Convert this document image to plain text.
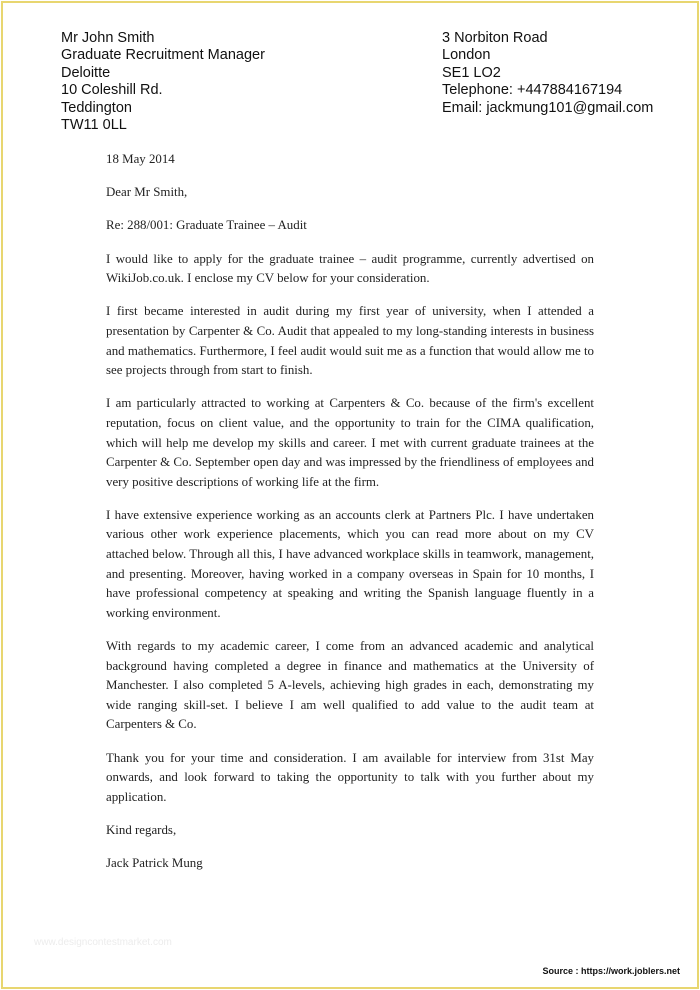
Mr John Smith
Graduate Recruitment Manager
Deloitte
10 Coleshill Rd.
Teddington
TW11 0LL
3 Norbiton Road
London
SE1 LO2
Telephone: +447884167194
Email: jackmung101@gmail.com

18 May 2014

Dear Mr Smith,

Re: 288/001: Graduate Trainee – Audit

I would like to apply for the graduate trainee – audit programme, currently advertised on WikiJob.co.uk. I enclose my CV below for your consideration.

I first became interested in audit during my first year of university, when I attended a presentation by Carpenter & Co. Audit that appealed to my long-standing interests in business and mathematics. Furthermore, I feel audit would suit me as a function that would allow me to see projects through from start to finish.

I am particularly attracted to working at Carpenters & Co. because of the firm's excellent reputation, focus on client value, and the opportunity to train for the CIMA qualification, which will help me develop my skills and career. I met with current graduate trainees at the Carpenter & Co. September open day and was impressed by the friendliness of employees and very positive descriptions of working life at the firm.

I have extensive experience working as an accounts clerk at Partners Plc. I have undertaken various other work experience placements, which you can read more about on my CV attached below. Through all this, I have advanced workplace skills in teamwork, management, and presenting. Moreover, having worked in a company overseas in Spain for 10 months, I have professional competency at speaking and writing the Spanish language fluently in a working environment.

With regards to my academic career, I come from an advanced academic and analytical background having completed a degree in finance and mathematics at the University of Manchester. I also completed 5 A-levels, achieving high grades in each, demonstrating my wide ranging skill-set. I believe I am well qualified to add value to the audit team at Carpenters & Co.

Thank you for your time and consideration. I am available for interview from 31st May onwards, and look forward to taking the opportunity to talk with you further about my application.

Kind regards,

Jack Patrick Mung

www.designcontestmarket.com
Source : https://work.joblers.net
